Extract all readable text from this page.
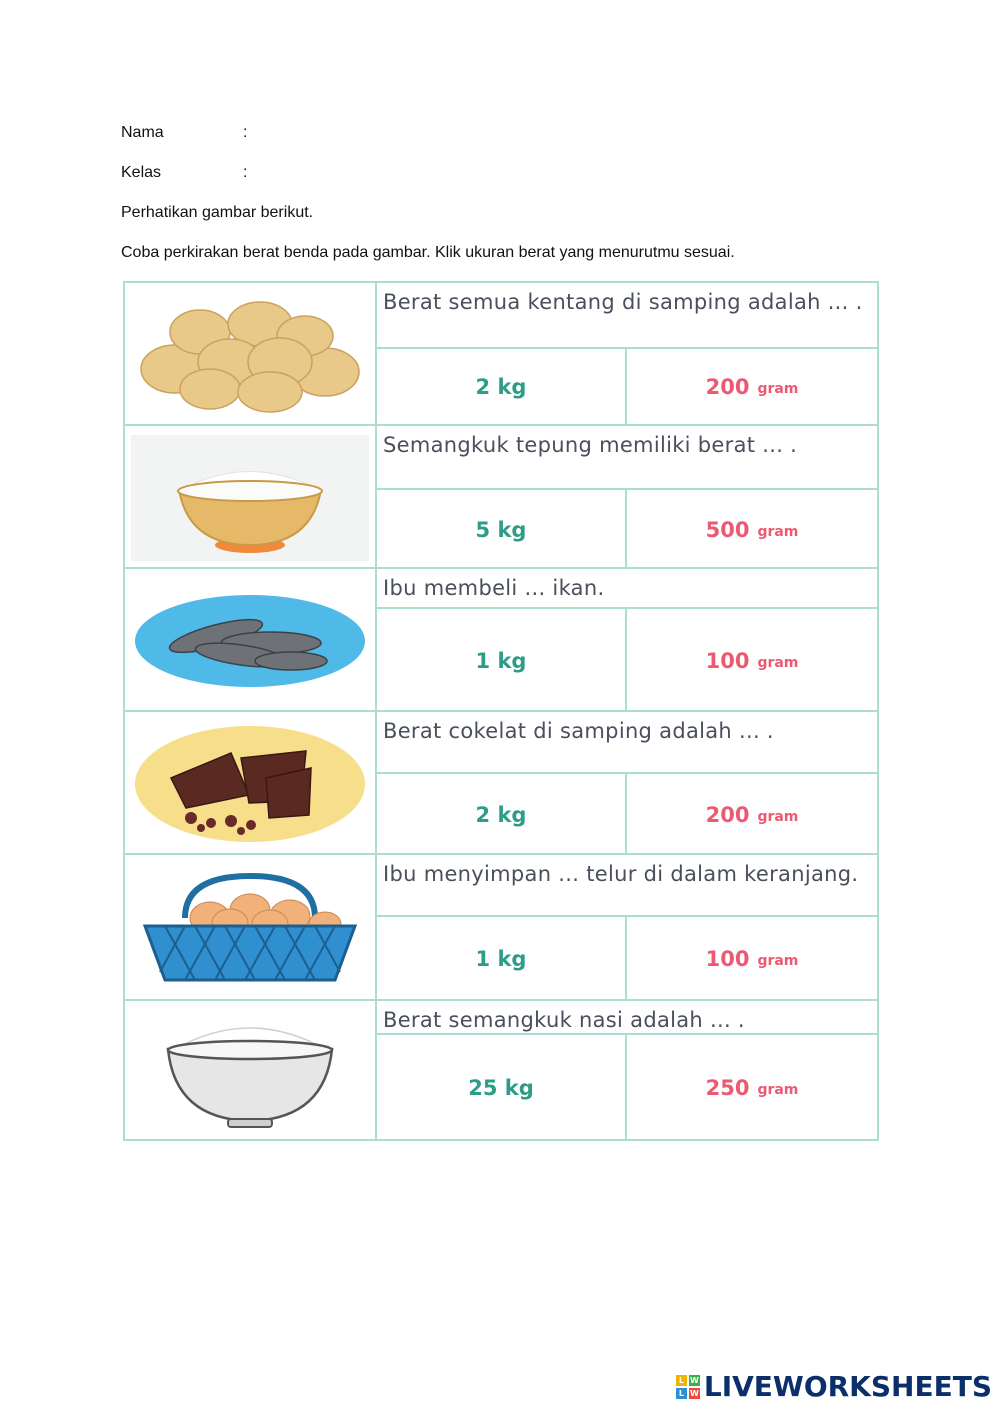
Nama	:
Kelas	:
Perhatikan gambar berikut.
Coba perkirakan berat benda pada gambar. Klik ukuran berat yang menurutmu sesuai.
Berat semua kentang di samping adalah ... .
2 kg	200 gram
Semangkuk tepung memiliki berat ... .
5 kg	500 gram
Ibu membeli ... ikan.
1 kg	100 gram
Berat cokelat di samping adalah ... .
2 kg	200 gram
Ibu menyimpan ... telur di dalam keranjang.
1 kg	100 gram
Berat semangkuk nasi adalah ... .
25 kg	250 gram
L W
L W LIVEWORKSHEETS
